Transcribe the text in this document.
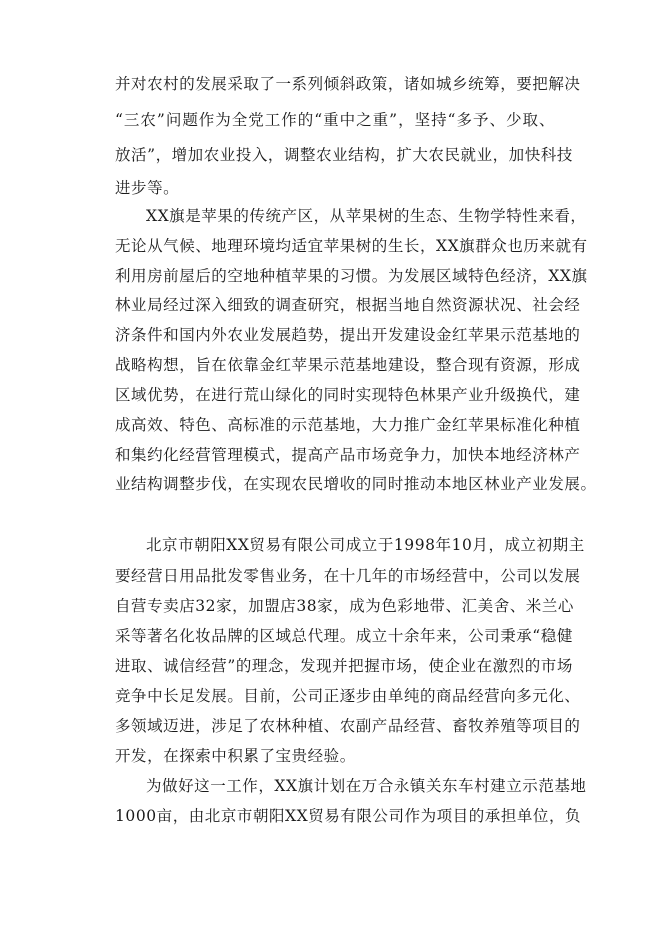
并对农村的发展采取了一系列倾斜政策，诸如城乡统筹，要把解决
“三农”问题作为全党工作的“重中之重”，坚持“多予、少取、
放活”，增加农业投入，调整农业结构，扩大农民就业，加快科技
进步等。
XX旗是苹果的传统产区，从苹果树的生态、生物学特性来看，
无论从气候、地理环境均适宜苹果树的生长，XX旗群众也历来就有
利用房前屋后的空地种植苹果的习惯。为发展区域特色经济，XX旗
林业局经过深入细致的调查研究，根据当地自然资源状况、社会经
济条件和国内外农业发展趋势，提出开发建设金红苹果示范基地的
战略构想，旨在依靠金红苹果示范基地建设，整合现有资源，形成
区域优势，在进行荒山绿化的同时实现特色林果产业升级换代，建
成高效、特色、高标准的示范基地，大力推广金红苹果标准化种植
和集约化经营管理模式，提高产品市场竞争力，加快本地经济林产
业结构调整步伐，在实现农民增收的同时推动本地区林业产业发展。
北京市朝阳XX贸易有限公司成立于1998年10月，成立初期主
要经营日用品批发零售业务，在十几年的市场经营中，公司以发展
自营专卖店32家，加盟店38家，成为色彩地带、汇美舍、米兰心
采等著名化妆品牌的区域总代理。成立十余年来，公司秉承“稳健
进取、诚信经营”的理念，发现并把握市场，使企业在激烈的市场
竞争中长足发展。目前，公司正逐步由单纯的商品经营向多元化、
多领域迈进，涉足了农林种植、农副产品经营、畜牧养殖等项目的
开发，在探索中积累了宝贵经验。
为做好这一工作，XX旗计划在万合永镇关东车村建立示范基地
1000亩，由北京市朝阳XX贸易有限公司作为项目的承担单位，负
